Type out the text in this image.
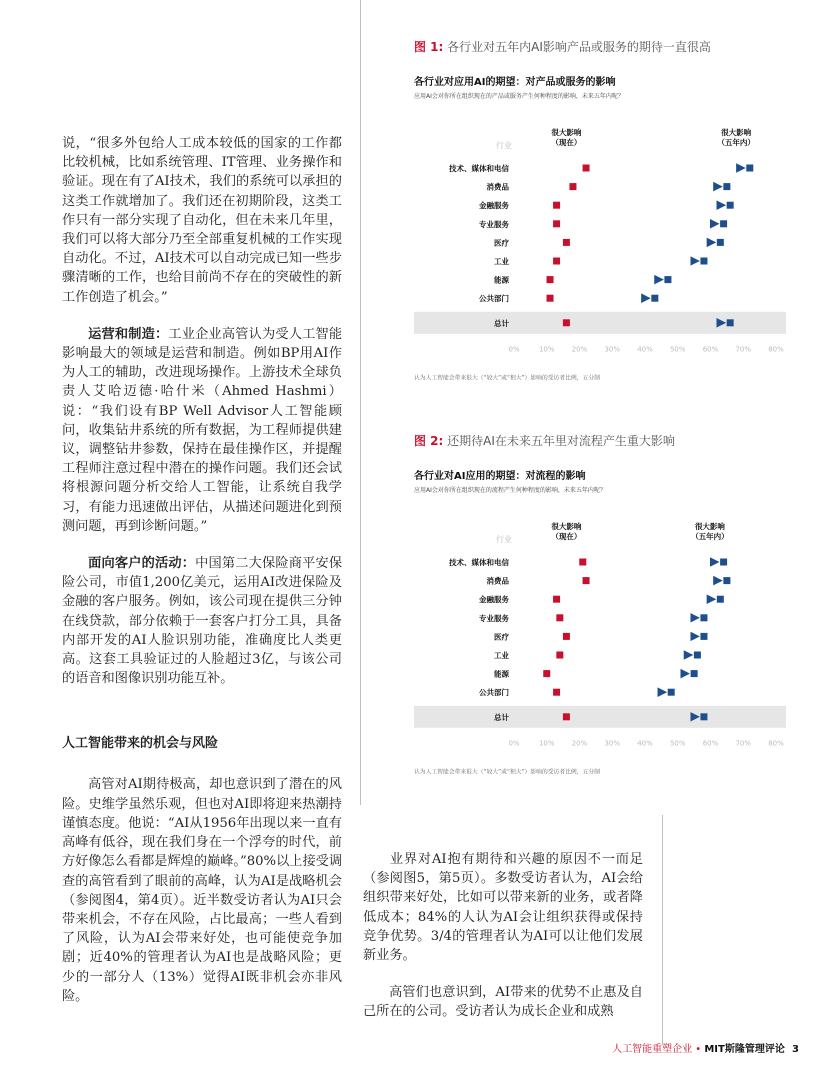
说，“很多外包给人工成本较低的国家的工作都比较机械，比如系统管理、IT管理、业务操作和验证。现在有了AI技术，我们的系统可以承担的这类工作就增加了。我们还在初期阶段，这类工作只有一部分实现了自动化，但在未来几年里，我们可以将大部分乃至全部重复机械的工作实现自动化。不过，AI技术可以自动完成已知一些步骤清晰的工作，也给目前尚不存在的突破性的新工作创造了机会。”

运营和制造：工业企业高管认为受人工智能影响最大的领域是运营和制造。例如BP用AI作为人工的辅助，改进现场操作。上游技术全球负责人艾哈迈德·哈什米（Ahmed Hashmi）说：“我们设有BP Well Advisor人工智能顾问，收集钻井系统的所有数据，为工程师提供建议，调整钻井参数，保持在最佳操作区，并提醒工程师注意过程中潜在的操作问题。我们还会试将根源问题分析交给人工智能，让系统自我学习，有能力迅速做出评估，从描述问题进化到预测问题，再到诊断问题。”

面向客户的活动：中国第二大保险商平安保险公司，市值1,200亿美元，运用AI改进保险及金融的客户服务。例如，该公司现在提供三分钟在线贷款，部分依赖于一套客户打分工具，具备内部开发的AI人脸识别功能，准确度比人类更高。这套工具验证过的人脸超过3亿，与该公司的语音和图像识别功能互补。

人工智能带来的机会与风险

高管对AI期待极高，却也意识到了潜在的风险。史维学虽然乐观，但也对AI即将迎来热潮持谨慎态度。他说：“AI从1956年出现以来一直有高峰有低谷，现在我们身在一个浮夸的时代，前方好像怎么看都是辉煌的巅峰。”80%以上接受调查的高管看到了眼前的高峰，认为AI是战略机会（参阅图4，第4页）。近半数受访者认为AI只会带来机会，不存在风险，占比最高；一些人看到了风险，认为AI会带来好处，也可能使竞争加剧；近40%的管理者认为AI也是战略风险；更少的一部分人（13%）觉得AI既非机会亦非风险。

业界对AI抱有期待和兴趣的原因不一而足（参阅图5，第5页）。多数受访者认为，AI会给组织带来好处，比如可以带来新的业务，或者降低成本；84%的人认为AI会让组织获得或保持竞争优势。3/4的管理者认为AI可以让他们发展新业务。

高管们也意识到，AI带来的优势不止惠及自己所在的公司。受访者认为成长企业和成熟

图 1: 各行业对五年内AI影响产品或服务的期待一直很高
各行业对应用AI的期望：对产品或服务的影响
应用AI会对你所在组织现在的产品或服务产生何种程度的影响，未来五年内呢？
行业
很大影响
（现在）
很大影响
（五年内）
技术、媒体和电信
消费品
金融服务
专业服务
医疗
工业
能源
公共部门
总计
0%	10% 20% 30% 40% 50% 60% 70% 80%
认为人工智能会带来很大（“较大”或“相大”）影响的受访者比例，五分制
图 2: 还期待AI在未来五年里对流程产生重大影响
各行业对AI应用的期望：对流程的影响
应用AI会对你所在组织现在的流程产生何种程度的影响，未来五年内呢？
行业
很大影响
（现在）
很大影响
（五年内）
技术、媒体和电信
消费品
金融服务
专业服务
医疗
工业
能源
公共部门
总计
0%	10% 20% 30% 40% 50% 60% 70% 80%
认为人工智能会带来很大（“较大”或“相大”）影响的受访者比例，五分制
人工智能重塑企业 • MIT斯隆管理评论 3
